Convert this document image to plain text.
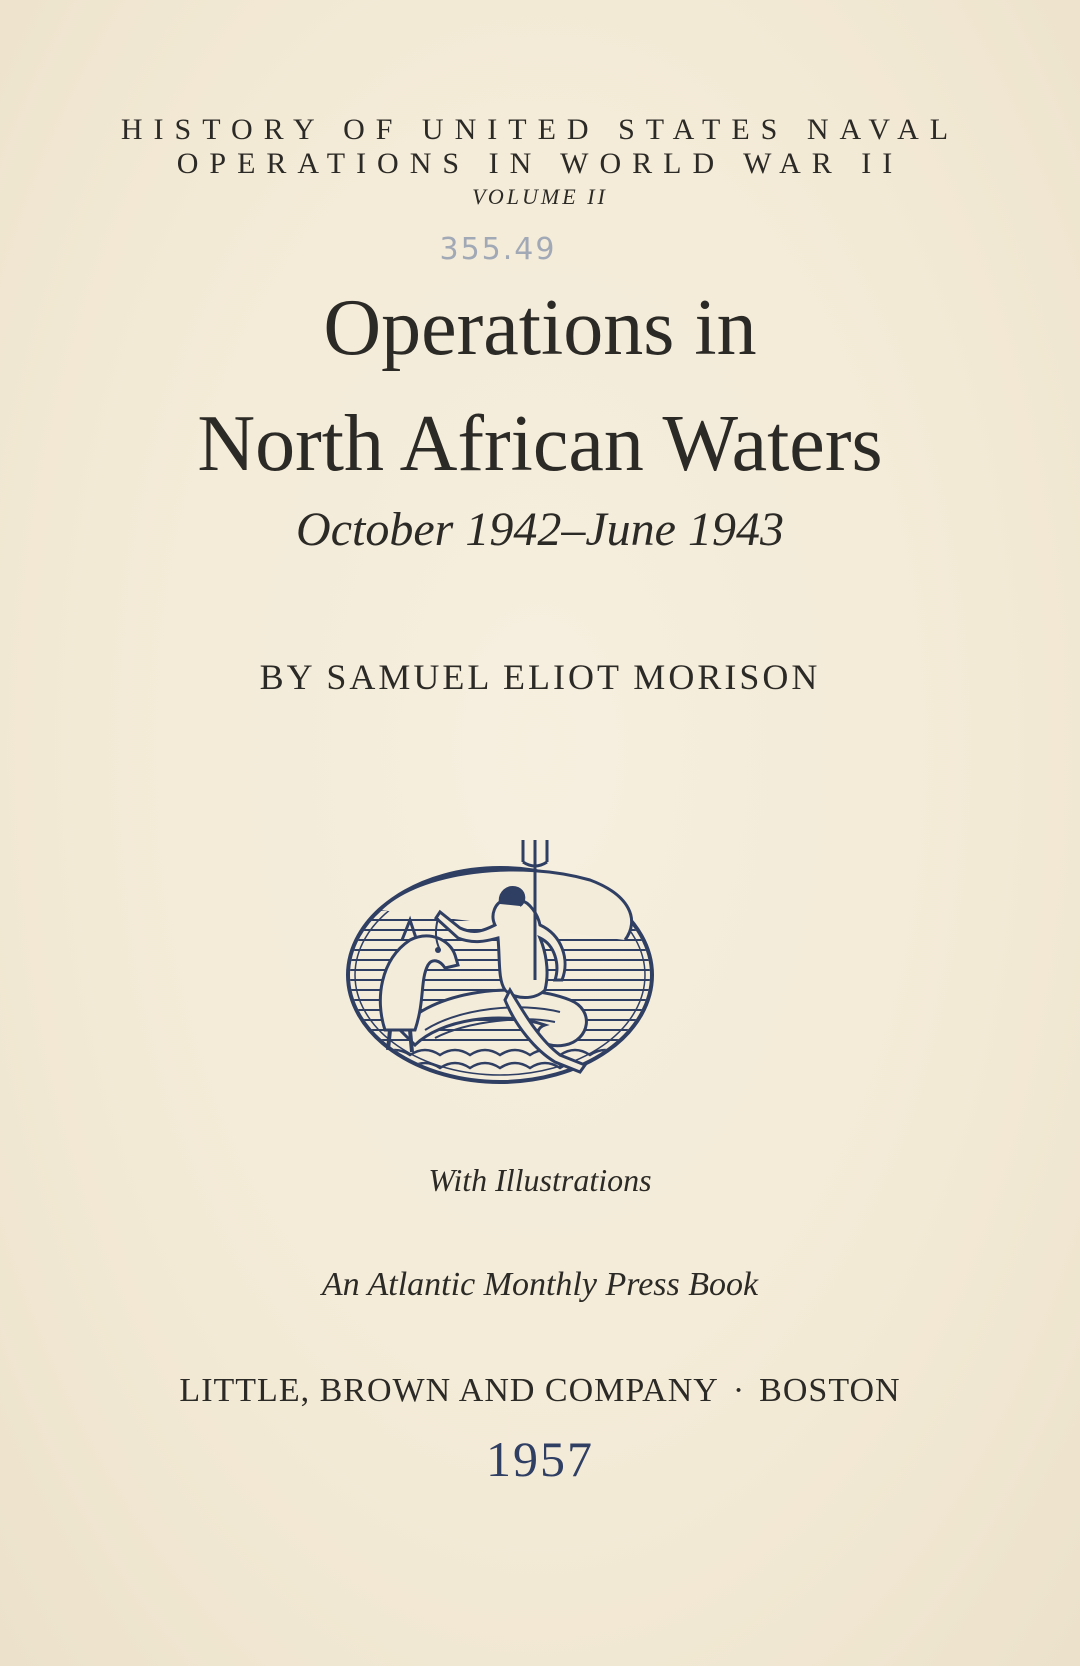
HISTORY OF UNITED STATES NAVAL
OPERATIONS IN WORLD WAR II
VOLUME II
355.49
Operations in
North African Waters
October 1942–June 1943
BY SAMUEL ELIOT MORISON
With Illustrations
An Atlantic Monthly Press Book
LITTLE, BROWN AND COMPANY · BOSTON
1957
